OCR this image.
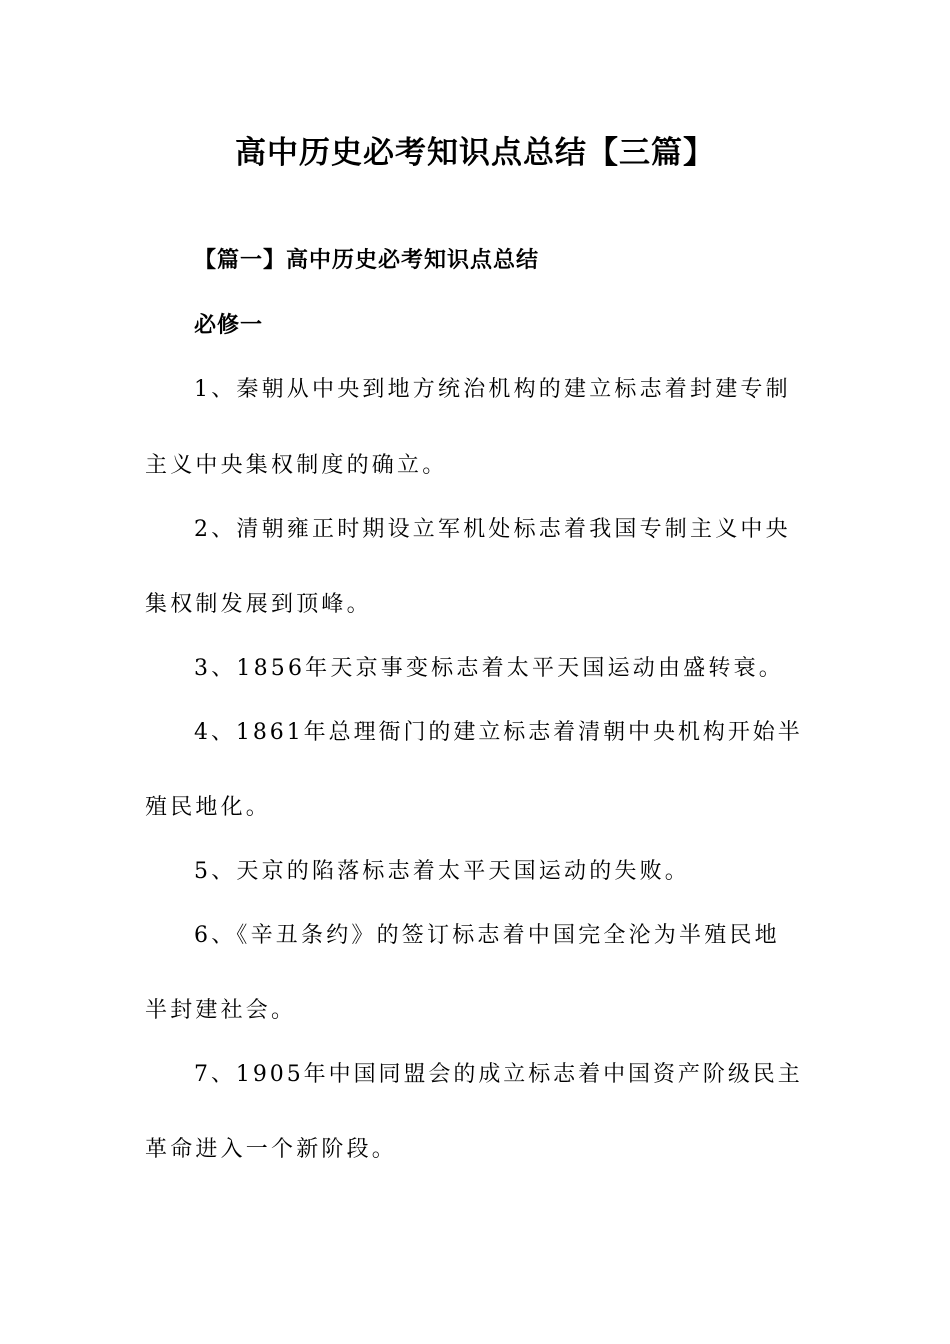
高中历史必考知识点总结【三篇】
【篇一】高中历史必考知识点总结
必修一

1、秦朝从中央到地方统治机构的建立标志着封建专制

主义中央集权制度的确立。

2、清朝雍正时期设立军机处标志着我国专制主义中央

集权制发展到顶峰。

3、1856年天京事变标志着太平天国运动由盛转衰。

4、1861年总理衙门的建立标志着清朝中央机构开始半

殖民地化。

5、天京的陷落标志着太平天国运动的失败。

6、《辛丑条约》的签订标志着中国完全沦为半殖民地

半封建社会。

7、1905年中国同盟会的成立标志着中国资产阶级民主

革命进入一个新阶段。
